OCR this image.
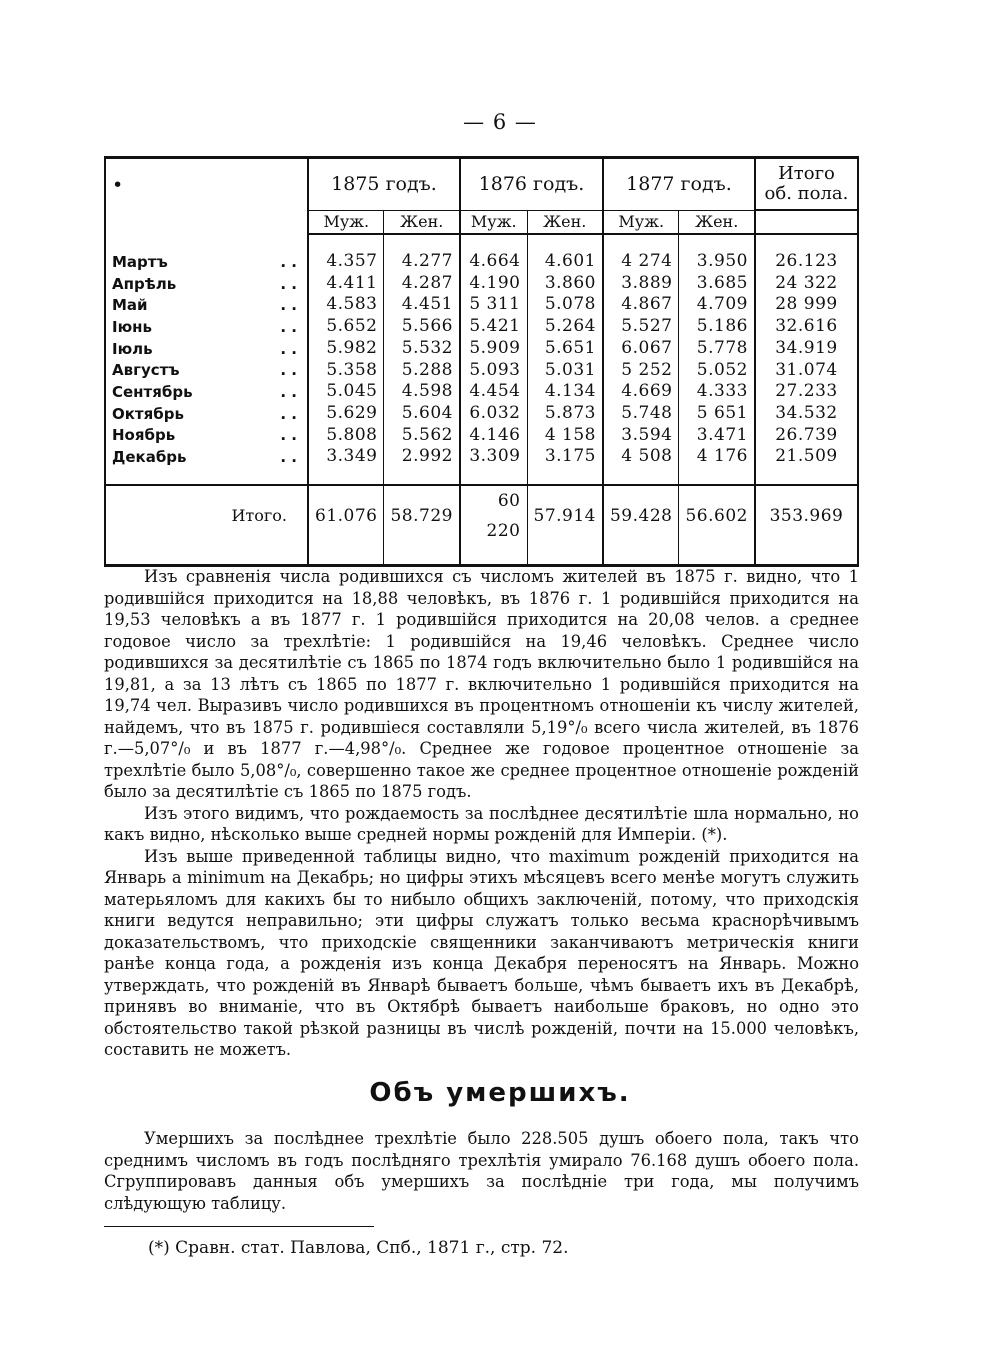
— 6 —
•	1875 годъ.		1876 годъ.		1877 годъ.		Итого об. пола.
	Муж.	Жен.	Муж.	Жен.	Муж.	Жен.	

Мартъ . .	4.357	4.277	4.664	4.601	4 274	3.950	26.123
Апрѣль . .	4.411	4.287	4.190	3.860	3.889	3.685	24 322
Май . .	4.583	4.451	5 311	5.078	4.867	4.709	28 999
Іюнь . .	5.652	5.566	5.421	5.264	5.527	5.186	32.616
Іюль . .	5.982	5.532	5.909	5.651	6.067	5.778	34.919
Августъ . .	5.358	5.288	5.093	5.031	5 252	5.052	31.074
Сентябрь . .	5.045	4.598	4.454	4.134	4.669	4.333	27.233
Октябрь . .	5.629	5.604	6.032	5.873	5.748	5 651	34.532
Ноябрь . .	5.808	5.562	4.146	4 158	3.594	3.471	26.739
Декабрь . .	3.349	2.992	3.309	3.175	4 508	4 176	21.509

Итого.	61.076	58.729	60 220	57.914	59.428	56.602	353.969

Изъ сравненія числа родившихся съ числомъ жителей въ 1875 г. видно, что 1 родившійся приходится на 18,88 человѣкъ, въ 1876 г. 1 родившійся приходится на 19,53 человѣкъ а въ 1877 г. 1 родившійся приходится на 20,08 челов. а среднее годовое число за трехлѣтіе: 1 родившійся на 19,46 человѣкъ. Среднее число родившихся за десятилѣтіе съ 1865 по 1874 годъ включительно было 1 родившійся на 19,81, а за 13 лѣтъ съ 1865 по 1877 г. включительно 1 родившійся приходится на 19,74 чел. Выразивъ число родившихся въ процентномъ отношеніи къ числу жителей, найдемъ, что въ 1875 г. родившіеся составляли 5,19°/₀ всего числа жителей, въ 1876 г.—5,07°/₀ и въ 1877 г.—4,98°/₀. Среднее же годовое процентное отношеніе за трехлѣтіе было 5,08°/₀, совершенно такое же среднее процентное отношеніе рожденій было за десятилѣтіе съ 1865 по 1875 годъ.

Изъ этого видимъ, что рождаемость за послѣднее десятилѣтіе шла нормально, но какъ видно, нѣсколько выше средней нормы рожденій для Имперіи. (*).

Изъ выше приведенной таблицы видно, что maximum рожденій приходится на Январь а minimum на Декабрь; но цифры этихъ мѣсяцевъ всего менѣе могутъ служить матерьяломъ для какихъ бы то нибыло общихъ заключеній, потому, что приходскія книги ведутся неправильно; эти цифры служатъ только весьма краснорѣчивымъ доказательствомъ, что приходскіе священники заканчиваютъ метрическія книги ранѣе конца года, а рожденія изъ конца Декабря переносятъ на Январь. Можно утверждать, что рожденій въ Январѣ бываетъ больше, чѣмъ бываетъ ихъ въ Декабрѣ, принявъ во вниманіе, что въ Октябрѣ бываетъ наибольше браковъ, но одно это обстоятельство такой рѣзкой разницы въ числѣ рожденій, почти на 15.000 человѣкъ, составить не можетъ.

Объ умершихъ.

Умершихъ за послѣднее трехлѣтіе было 228.505 душъ обоего пола, такъ что среднимъ числомъ въ годъ послѣдняго трехлѣтія умирало 76.168 душъ обоего пола. Сгруппировавъ данныя объ умершихъ за послѣдніе три года, мы получимъ слѣдующую таблицу.

(*) Сравн. стат. Павлова, Спб., 1871 г., стр. 72.
